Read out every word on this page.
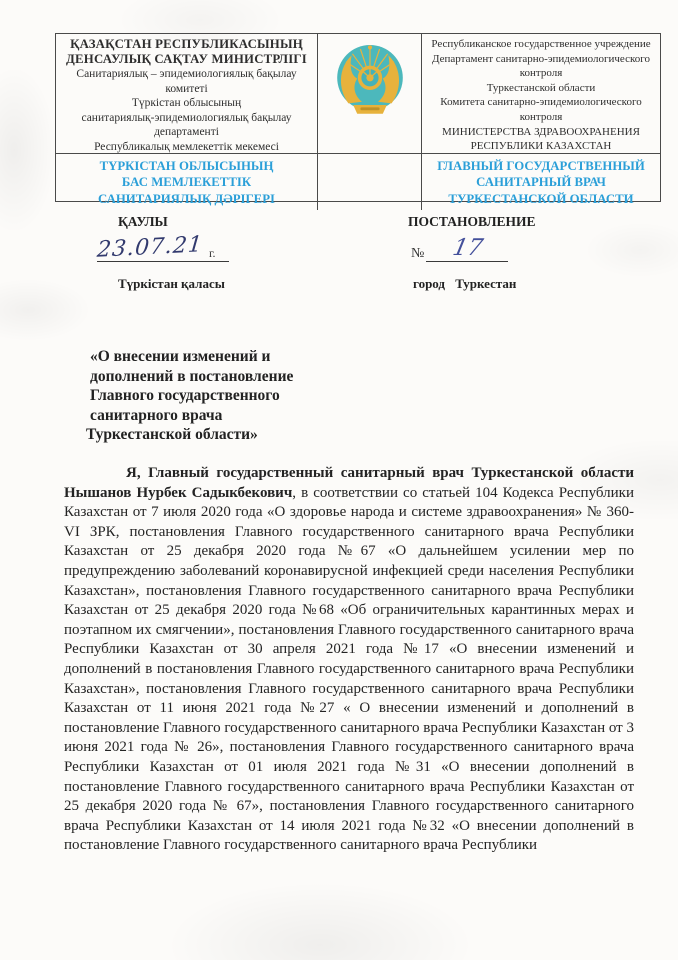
ҚАЗАҚСТАН РЕСПУБЛИКАСЫНЫҢ
ДЕНСАУЛЫҚ САҚТАУ МИНИСТРЛІГІ
Санитариялық – эпидемиологиялық бақылау
комитеті
Түркістан облысының
санитариялық-эпидемиологиялық бақылау
департаменті
Республикалық мемлекеттік мекемесі
Республиканское государственное учреждение
Департамент санитарно-эпидемиологического
контроля
Туркестанской области
Комитета санитарно-эпидемиологического
контроля
МИНИСТЕРСТВА ЗДРАВООХРАНЕНИЯ
РЕСПУБЛИКИ КАЗАХСТАН
ТҮРКІСТАН ОБЛЫСЫНЫҢ
БАС МЕМЛЕКЕТТІК
САНИТАРИЯЛЫҚ ДӘРІГЕРІ
ГЛАВНЫЙ ГОСУДАРСТВЕННЫЙ
САНИТАРНЫЙ ВРАЧ
ТУРКЕСТАНСКОЙ ОБЛАСТИ
ҚАУЛЫ	ПОСТАНОВЛЕНИЕ
23.07.21 г.	№	17
Түркістан қаласы	город Туркестан
«О внесении изменений и
дополнений в постановление
Главного государственного
санитарного врача
Туркестанской области»

Я, Главный государственный санитарный врач Туркестанской области Нышанов Нурбек Садыкбекович, в соответствии со статьей 104 Кодекса Республики Казахстан от 7 июля 2020 года «О здоровье народа и системе здравоохранения» № 360-VI ЗРК, постановления Главного государственного санитарного врача Республики Казахстан от 25 декабря 2020 года №67 «О дальнейшем усилении мер по предупреждению заболеваний коронавирусной инфекцией среди населения Республики Казахстан», постановления Главного государственного санитарного врача Республики Казахстан от 25 декабря 2020 года №68 «Об ограничительных карантинных мерах и поэтапном их смягчении», постановления Главного государственного санитарного врача Республики Казахстан от 30 апреля 2021 года №17 «О внесении изменений и дополнений в постановления Главного государственного санитарного врача Республики Казахстан», постановления Главного государственного санитарного врача Республики Казахстан от 11 июня 2021 года №27 « О внесении изменений и дополнений в постановление Главного государственного санитарного врача Республики Казахстан от 3 июня 2021 года № 26», постановления Главного государственного санитарного врача Республики Казахстан от 01 июля 2021 года №31 «О внесении дополнений в постановление Главного государственного санитарного врача Республики Казахстан от 25 декабря 2020 года № 67», постановления Главного государственного санитарного врача Республики Казахстан от 14 июля 2021 года №32 «О внесении дополнений в постановление Главного государственного санитарного врача Республики
